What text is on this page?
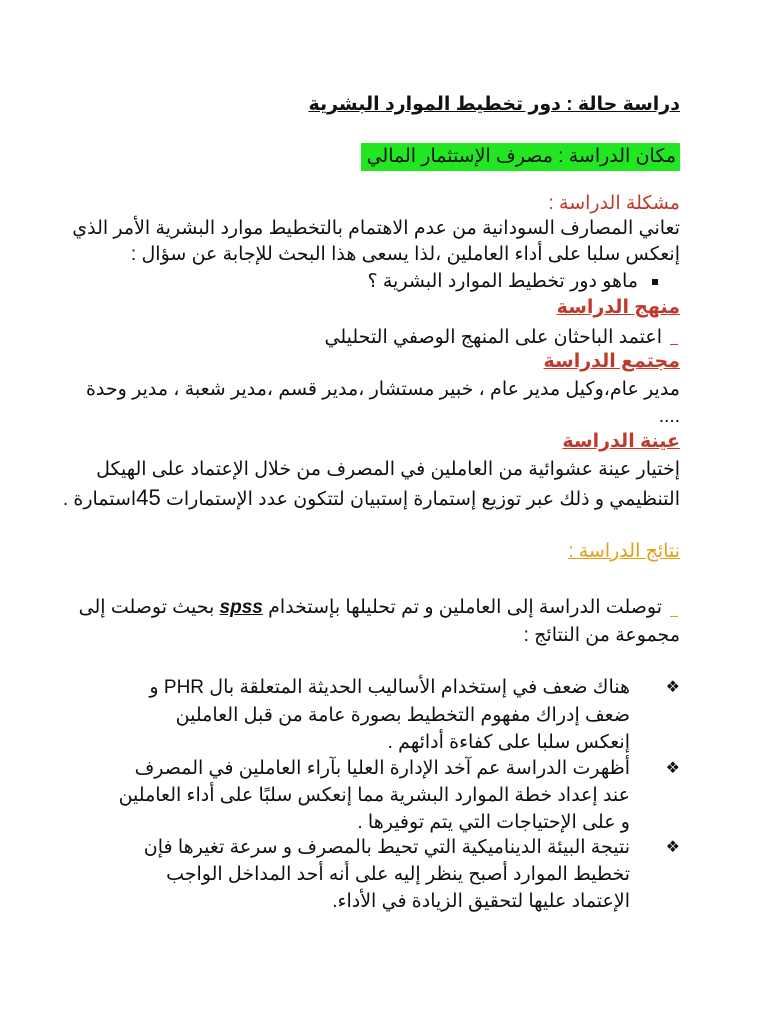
دراسة حالة : دور تخطيط الموارد البشرية
مكان الدراسة : مصرف الإستثمار المالي
مشكلة الدراسة :
تعاني المصارف السودانية من عدم الاهتمام بالتخطيط موارد البشرية الأمر الذي
إنعكس سلبا على أداء العاملين ،لذا يسعى هذا البحث للإجابة عن سؤال :
ماهو دور تخطيط الموارد البشرية ؟
منهج الدراسة
اعتمد الباحثان على المنهج الوصفي التحليلي
مجتمع الدراسة
مدير عام،وكيل مدير عام ، خبير مستشار ،مدير قسم ،مدير شعبة ، مدير وحدة
....
عينة الدراسة
إختيار عينة عشوائية من العاملين في المصرف من خلال الإعتماد على الهيكل
التنظيمي و ذلك عبر توزيع إستمارة إستبيان لتتكون عدد الإستمارات 45استمارة .
نتائج الدراسة :
توصلت الدراسة إلى العاملين و تم تحليلها بإستخدام spss بحيث توصلت إلى
مجموعة من النتائج :
❖
هناك ضعف في إستخدام الأساليب الحديثة المتعلقة بال PHR و
ضعف إدراك مفهوم التخطيط بصورة عامة من قبل العاملين
إنعكس سلبا على كفاءة أدائهم .
❖
أظهرت الدراسة عم آخد الإدارة العليا بآراء العاملين في المصرف
عند إعداد خطة الموارد البشرية مما إنعكس سلبًا على أداء العاملين
و على الإحتياجات التي يتم توفيرها .
❖
نتيجة البيئة الديناميكية التي تحيط بالمصرف و سرعة تغيرها فإن
تخطيط الموارد أصبح ينظر إليه على أنه أحد المداخل الواجب
الإعتماد عليها لتحقيق الزيادة في الأداء.
